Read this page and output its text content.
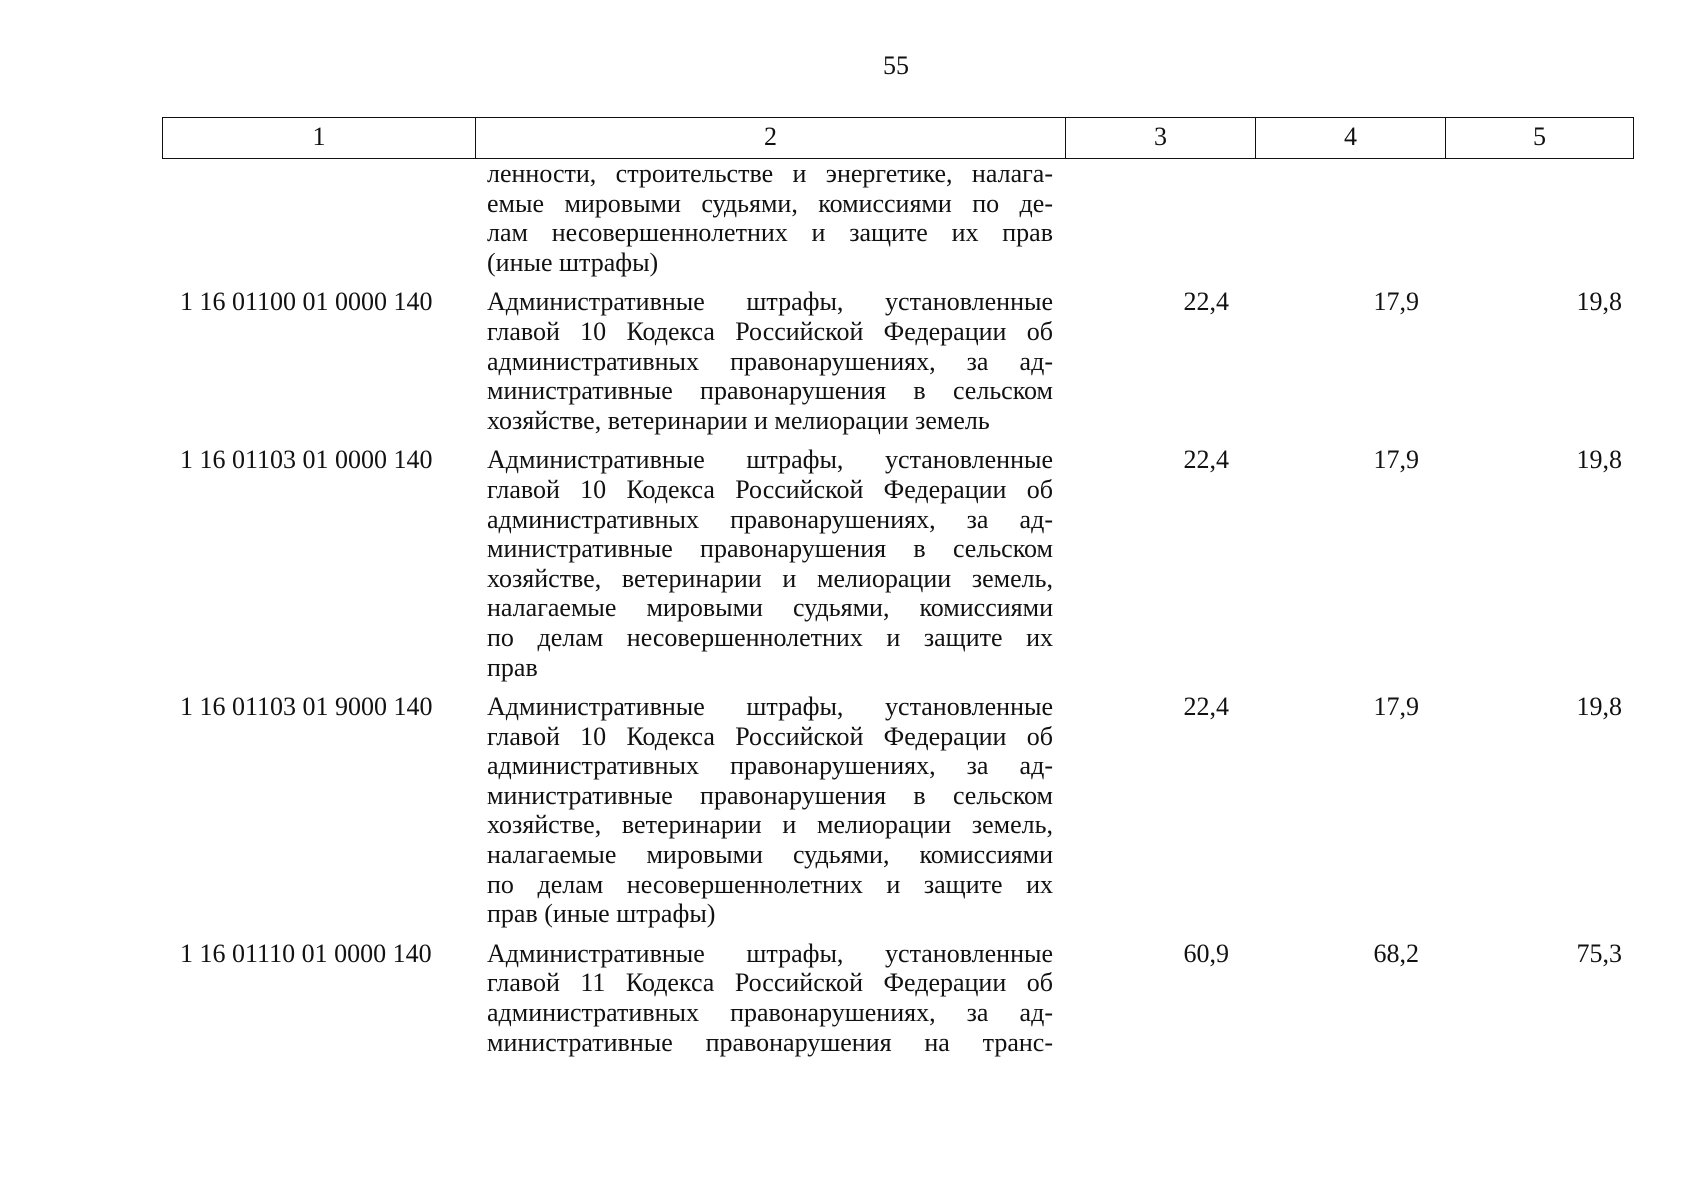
55
1	2	3	4	5
ленности, строительстве и энергетике, налага-
емые мировыми судьями, комиссиями по де-
лам несовершеннолетних и защите их прав
(иные штрафы)
1 16 01100 01 0000 140	Административные штрафы, установленные
главой 10 Кодекса Российской Федерации об
административных правонарушениях, за ад-
министративные правонарушения в сельском
хозяйстве, ветеринарии и мелиорации земель
22,4	17,9	19,8
1 16 01103 01 0000 140	Административные штрафы, установленные
главой 10 Кодекса Российской Федерации об
административных правонарушениях, за ад-
министративные правонарушения в сельском
хозяйстве, ветеринарии и мелиорации земель,
налагаемые мировыми судьями, комиссиями
по делам несовершеннолетних и защите их
прав
22,4	17,9	19,8
1 16 01103 01 9000 140	Административные штрафы, установленные
главой 10 Кодекса Российской Федерации об
административных правонарушениях, за ад-
министративные правонарушения в сельском
хозяйстве, ветеринарии и мелиорации земель,
налагаемые мировыми судьями, комиссиями
по делам несовершеннолетних и защите их
прав (иные штрафы)
22,4	17,9	19,8
1 16 01110 01 0000 140	Административные штрафы, установленные
главой 11 Кодекса Российской Федерации об
административных правонарушениях, за ад-
министративные правонарушения на транс-
60,9	68,2	75,3
